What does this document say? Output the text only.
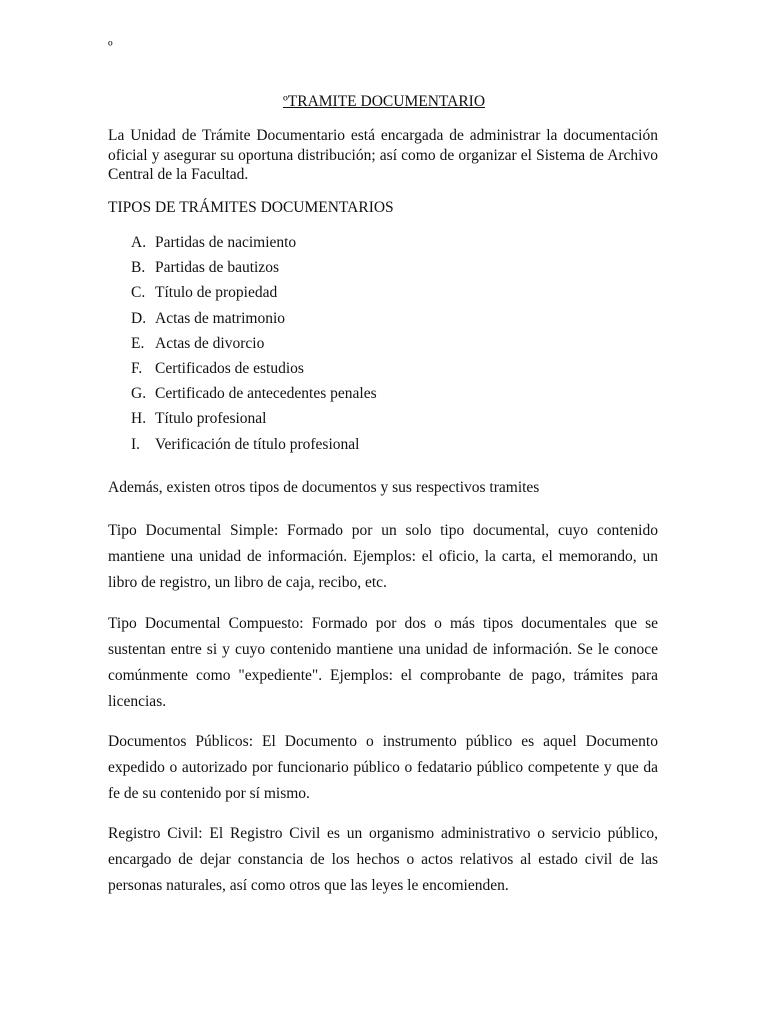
º
ºTRAMITE DOCUMENTARIO

La Unidad de Trámite Documentario está encargada de administrar la documentación oficial y asegurar su oportuna distribución; así como de organizar el Sistema de Archivo Central de la Facultad.

TIPOS DE TRÁMITES DOCUMENTARIOS
A. Partidas de nacimiento
B. Partidas de bautizos
C. Título de propiedad
D. Actas de matrimonio
E. Actas de divorcio
F. Certificados de estudios
G. Certificado de antecedentes penales
H. Título profesional
I. Verificación de título profesional
Además, existen otros tipos de documentos y sus respectivos tramites

Tipo Documental Simple: Formado por un solo tipo documental, cuyo contenido mantiene una unidad de información. Ejemplos: el oficio, la carta, el memorando, un libro de registro, un libro de caja, recibo, etc.

Tipo Documental Compuesto: Formado por dos o más tipos documentales que se sustentan entre si y cuyo contenido mantiene una unidad de información. Se le conoce comúnmente como "expediente". Ejemplos: el comprobante de pago, trámites para licencias.

Documentos Públicos: El Documento o instrumento público es aquel Documento expedido o autorizado por funcionario público o fedatario público competente y que da fe de su contenido por sí mismo.

Registro Civil: El Registro Civil es un organismo administrativo o servicio público, encargado de dejar constancia de los hechos o actos relativos al estado civil de las personas naturales, así como otros que las leyes le encomienden.
